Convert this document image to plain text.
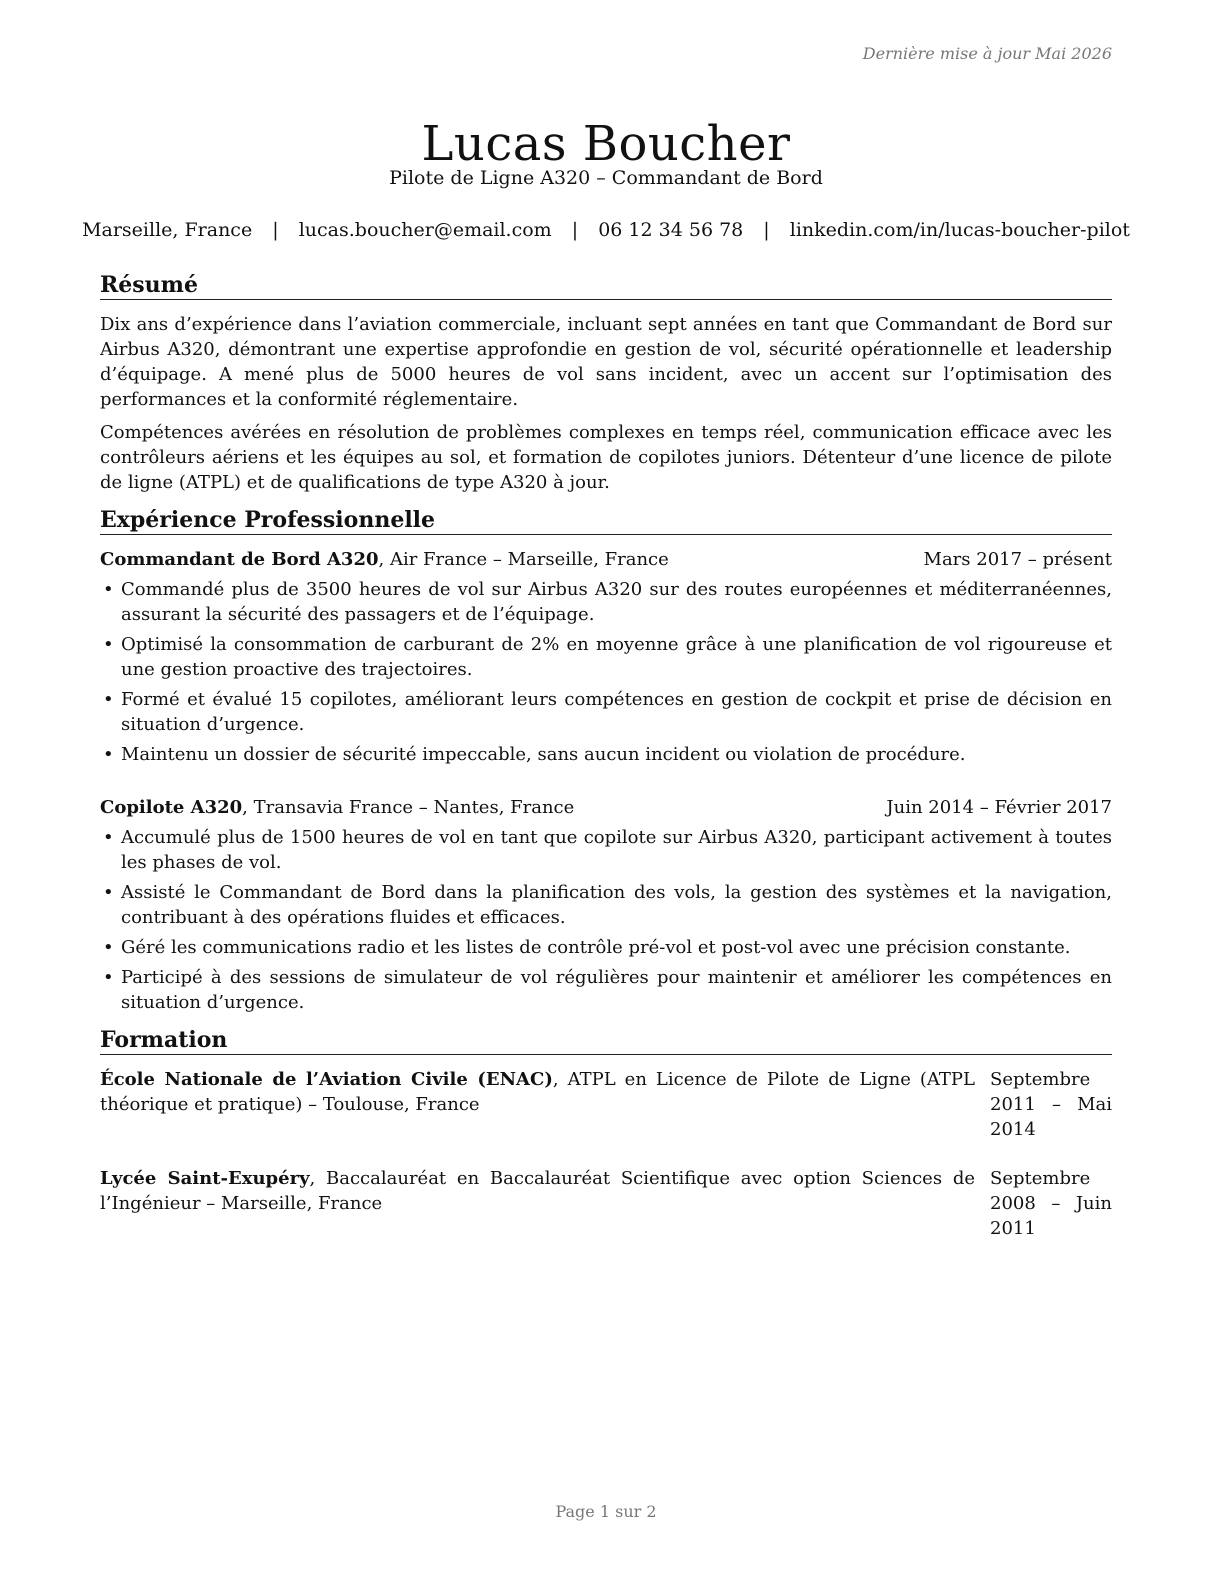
Dernière mise à jour Mai 2026
Lucas Boucher
Pilote de Ligne A320 – Commandant de Bord
Marseille, France | lucas.boucher@email.com | 06 12 34 56 78 | linkedin.com/in/lucas-boucher-pilot
Résumé

Dix ans d’expérience dans l’aviation commerciale, incluant sept années en tant que Commandant de Bord sur Airbus A320, démontrant une expertise approfondie en gestion de vol, sécurité opérationnelle et leadership d’équipage. A mené plus de 5000 heures de vol sans incident, avec un accent sur l’optimisation des performances et la conformité réglementaire.

Compétences avérées en résolution de problèmes complexes en temps réel, communication efficace avec les contrôleurs aériens et les équipes au sol, et formation de copilotes juniors. Détenteur d’une licence de pilote de ligne (ATPL) et de qualifications de type A320 à jour.

Expérience Professionnelle
Commandant de Bord A320, Air France – Marseille, France	Mars 2017 – présent
• Commandé plus de 3500 heures de vol sur Airbus A320 sur des routes européennes et méditerranéennes, assurant la sécurité des passagers et de l’équipage.
• Optimisé la consommation de carburant de 2% en moyenne grâce à une planification de vol rigoureuse et une gestion proactive des trajectoires.
• Formé et évalué 15 copilotes, améliorant leurs compétences en gestion de cockpit et prise de décision en situation d’urgence.
• Maintenu un dossier de sécurité impeccable, sans aucun incident ou violation de procédure.
Copilote A320, Transavia France – Nantes, France	Juin 2014 – Février 2017
• Accumulé plus de 1500 heures de vol en tant que copilote sur Airbus A320, participant activement à toutes les phases de vol.
• Assisté le Commandant de Bord dans la planification des vols, la gestion des systèmes et la navigation, contribuant à des opérations fluides et efficaces.
• Géré les communications radio et les listes de contrôle pré-vol et post-vol avec une précision constante.
• Participé à des sessions de simulateur de vol régulières pour maintenir et améliorer les compétences en situation d’urgence.
Formation
École Nationale de l’Aviation Civile (ENAC), ATPL en Licence de Pilote de Ligne (ATPL théorique et pratique) – Toulouse, France
Septembre 2011 – Mai 2014
Lycée Saint-Exupéry, Baccalauréat en Baccalauréat Scientifique avec option Sciences de l’Ingénieur – Marseille, France
Septembre 2008 – Juin 2011
Page 1 sur 2
